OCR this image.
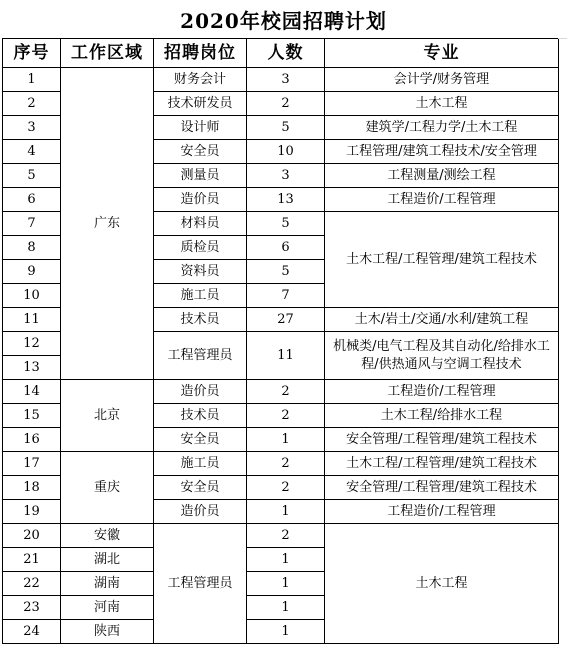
2020年校园招聘计划
序号	工作区域	招聘岗位	人数	专业
1	广东	财务会计	3	会计学/财务管理
2		技术研发员	2	土木工程
3		设计师	5	建筑学/工程力学/土木工程
4		安全员	10	工程管理/建筑工程技术/安全管理
5		测量员	3	工程测量/测绘工程
6		造价员	13	工程造价/工程管理
7		材料员	5	土木工程/工程管理/建筑工程技术
8		质检员	6	
9		资料员	5	
10		施工员	7	
11		技术员	27	土木/岩土/交通/水利/建筑工程
12		工程管理员	11	机械类/电气工程及其自动化/给排水工程/供热通风与空调工程技术
13				
14	北京	造价员	2	工程造价/工程管理
15		技术员	2	土木工程/给排水工程
16		安全员	1	安全管理/工程管理/建筑工程技术
17	重庆	施工员	2	土木工程/工程管理/建筑工程技术
18		安全员	2	安全管理/工程管理/建筑工程技术
19		造价员	1	工程造价/工程管理
20	安徽	工程管理员	2	土木工程
21	湖北		1	
22	湖南		1	
23	河南		1	
24	陕西		1	
